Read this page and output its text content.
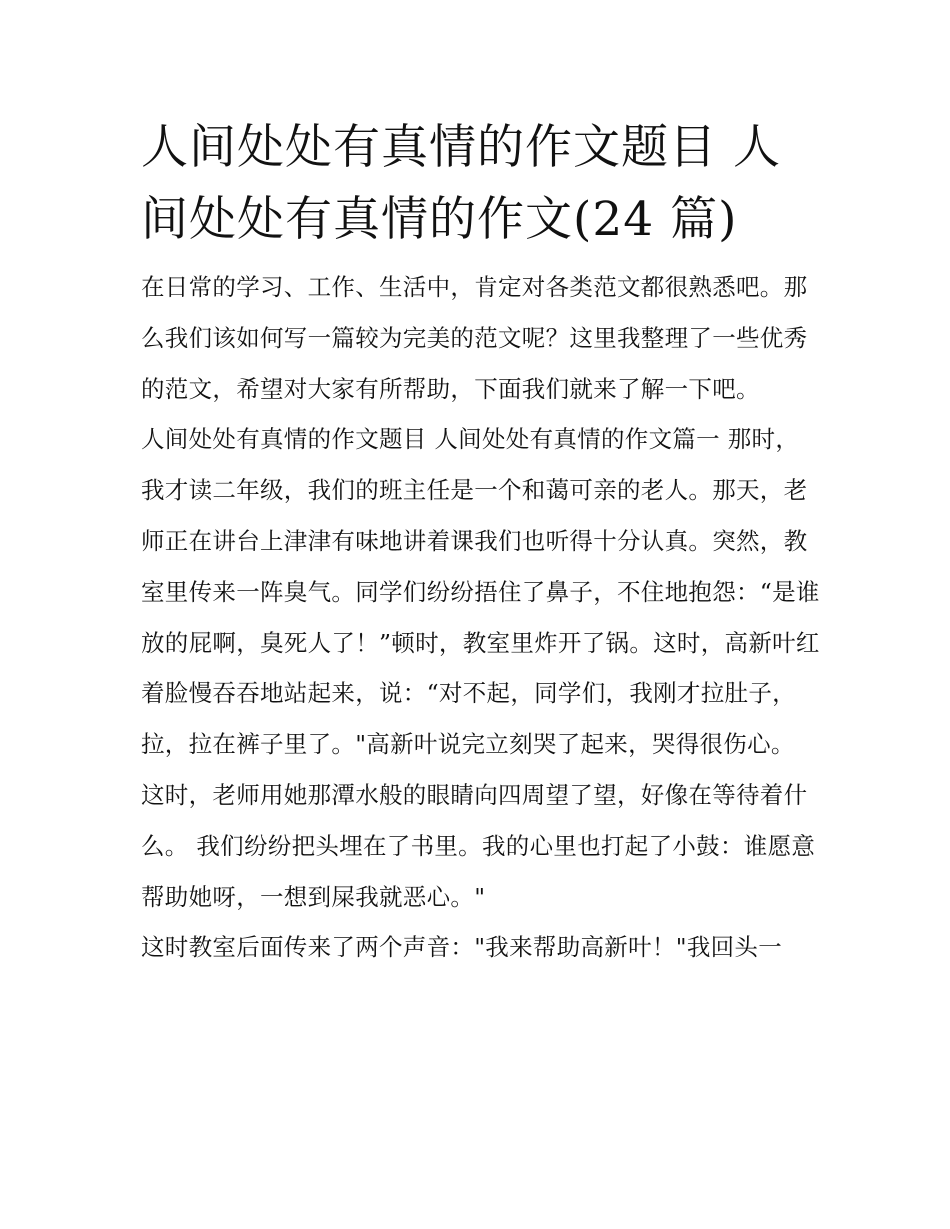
人间处处有真情的作文题目 人间处处有真情的作文(24 篇)

在日常的学习、工作、生活中，肯定对各类范文都很熟悉吧。那么我们该如何写一篇较为完美的范文呢？这里我整理了一些优秀的范文，希望对大家有所帮助，下面我们就来了解一下吧。

人间处处有真情的作文题目 人间处处有真情的作文篇一 那时，我才读二年级，我们的班主任是一个和蔼可亲的老人。那天，老师正在讲台上津津有味地讲着课我们也听得十分认真。突然，教室里传来一阵臭气。同学们纷纷捂住了鼻子，不住地抱怨：“是谁放的屁啊，臭死人了！”顿时，教室里炸开了锅。这时，高新叶红着脸慢吞吞地站起来，说：“对不起，同学们，我刚才拉肚子，拉，拉在裤子里了。"高新叶说完立刻哭了起来，哭得很伤心。

这时，老师用她那潭水般的眼睛向四周望了望，好像在等待着什么。 我们纷纷把头埋在了书里。我的心里也打起了小鼓：谁愿意帮助她呀，一想到屎我就恶心。"

这时教室后面传来了两个声音："我来帮助高新叶！"我回头一
